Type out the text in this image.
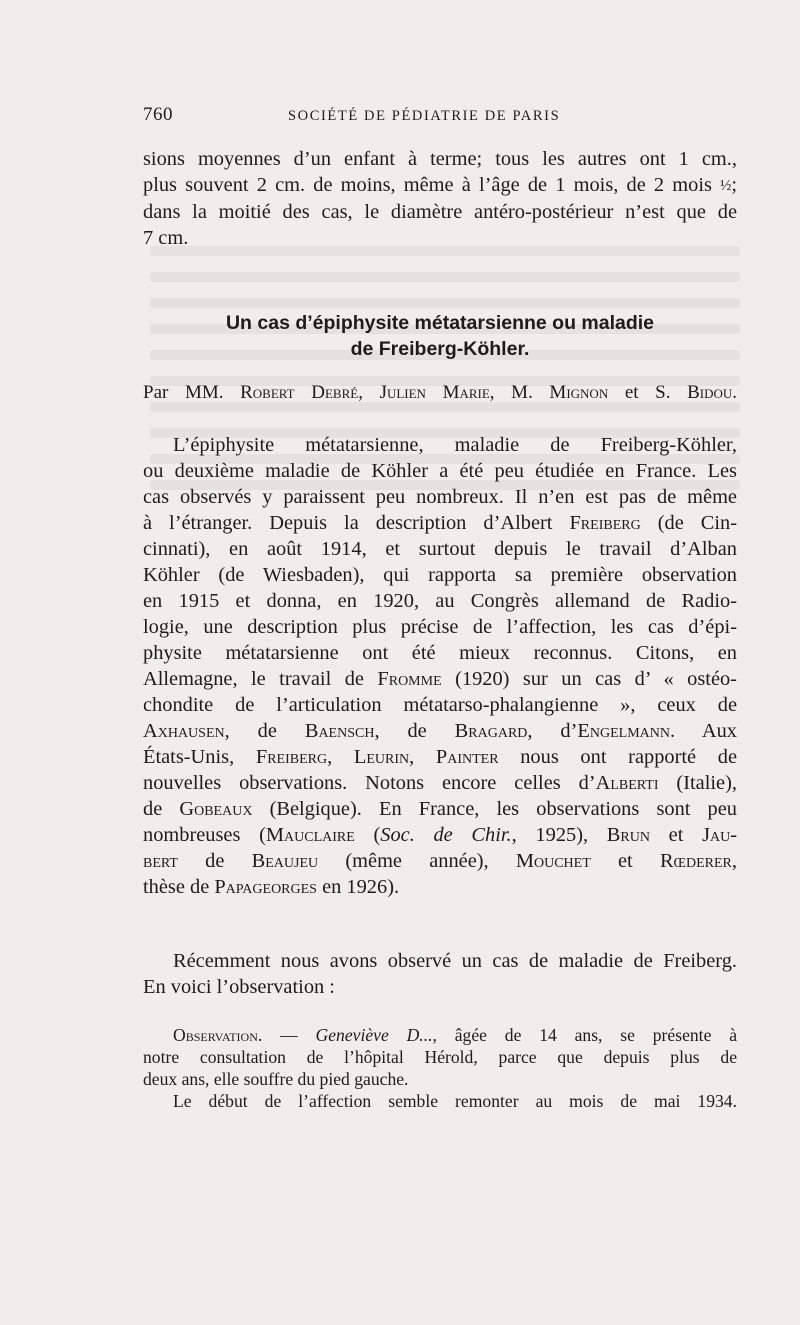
760	SOCIÉTÉ DE PÉDIATRIE DE PARIS
sions moyennes d’un enfant à terme; tous les autres ont 1 cm.,
plus souvent 2 cm. de moins, même à l’âge de 1 mois, de 2 mois ½;
dans la moitié des cas, le diamètre antéro-postérieur n’est que de
7 cm.
Un cas d’épiphysite métatarsienne ou maladie
de Freiberg-Köhler.
Par MM. Robert Debré, Julien Marie, M. Mignon et S. Bidou.
L’épiphysite métatarsienne, maladie de Freiberg-Köhler,
ou deuxième maladie de Köhler a été peu étudiée en France. Les
cas observés y paraissent peu nombreux. Il n’en est pas de même
à l’étranger. Depuis la description d’Albert Freiberg (de Cin-
cinnati), en août 1914, et surtout depuis le travail d’Alban
Köhler (de Wiesbaden), qui rapporta sa première observation
en 1915 et donna, en 1920, au Congrès allemand de Radio-
logie, une description plus précise de l’affection, les cas d’épi-
physite métatarsienne ont été mieux reconnus. Citons, en
Allemagne, le travail de Fromme (1920) sur un cas d’ « ostéo-
chondite de l’articulation métatarso-phalangienne », ceux de
Axhausen, de Baensch, de Bragard, d’Engelmann. Aux
États-Unis, Freiberg, Leurin, Painter nous ont rapporté de
nouvelles observations. Notons encore celles d’Alberti (Italie),
de Gobeaux (Belgique). En France, les observations sont peu
nombreuses (Mauclaire (Soc. de Chir., 1925), Brun et Jau-
bert de Beaujeu (même année), Mouchet et Rœderer,
thèse de Papageorges en 1926).
Récemment nous avons observé un cas de maladie de Freiberg.
En voici l’observation :
Observation. — Geneviève D..., âgée de 14 ans, se présente à
notre consultation de l’hôpital Hérold, parce que depuis plus de
deux ans, elle souffre du pied gauche.
Le début de l’affection semble remonter au mois de mai 1934.
